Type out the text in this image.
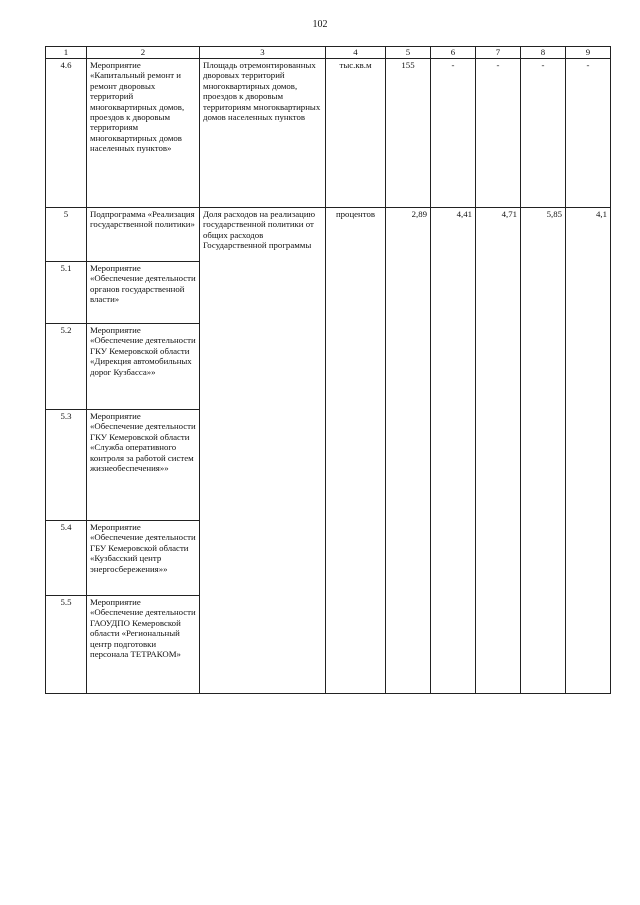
102
1	2	3	4	5	6	7	8	9
4.6	Мероприятие «Капитальный ремонт и ремонт дворовых территорий многоквартирных домов, проездов к дворовым территориям многоквартирных домов населенных пунктов»	Площадь отремонтированных дворовых территорий многоквартирных домов, проездов к дворовым территориям многоквартирных домов населенных пунктов	тыс.кв.м	155	-	-	-	-
5	Подпрограмма «Реализация государственной политики»	Доля расходов на реализацию государственной политики от общих расходов Государственной программы	процентов	2,89	4,41	4,71	5,85	4,1
5.1	Мероприятие «Обеспечение деятельности органов государственной власти»							
5.2	Мероприятие «Обеспечение деятельности ГКУ Кемеровской области «Дирекция автомобильных дорог Кузбасса»»							
5.3	Мероприятие «Обеспечение деятельности ГКУ Кемеровской области «Служба оперативного контроля за работой систем жизнеобеспечения»»							
5.4	Мероприятие «Обеспечение деятельности ГБУ Кемеровской области «Кузбасский центр энергосбережения»»							
5.5	Мероприятие «Обеспечение деятельности ГАОУДПО Кемеровской области «Региональный центр подготовки персонала ТЕТРАКОМ»							
